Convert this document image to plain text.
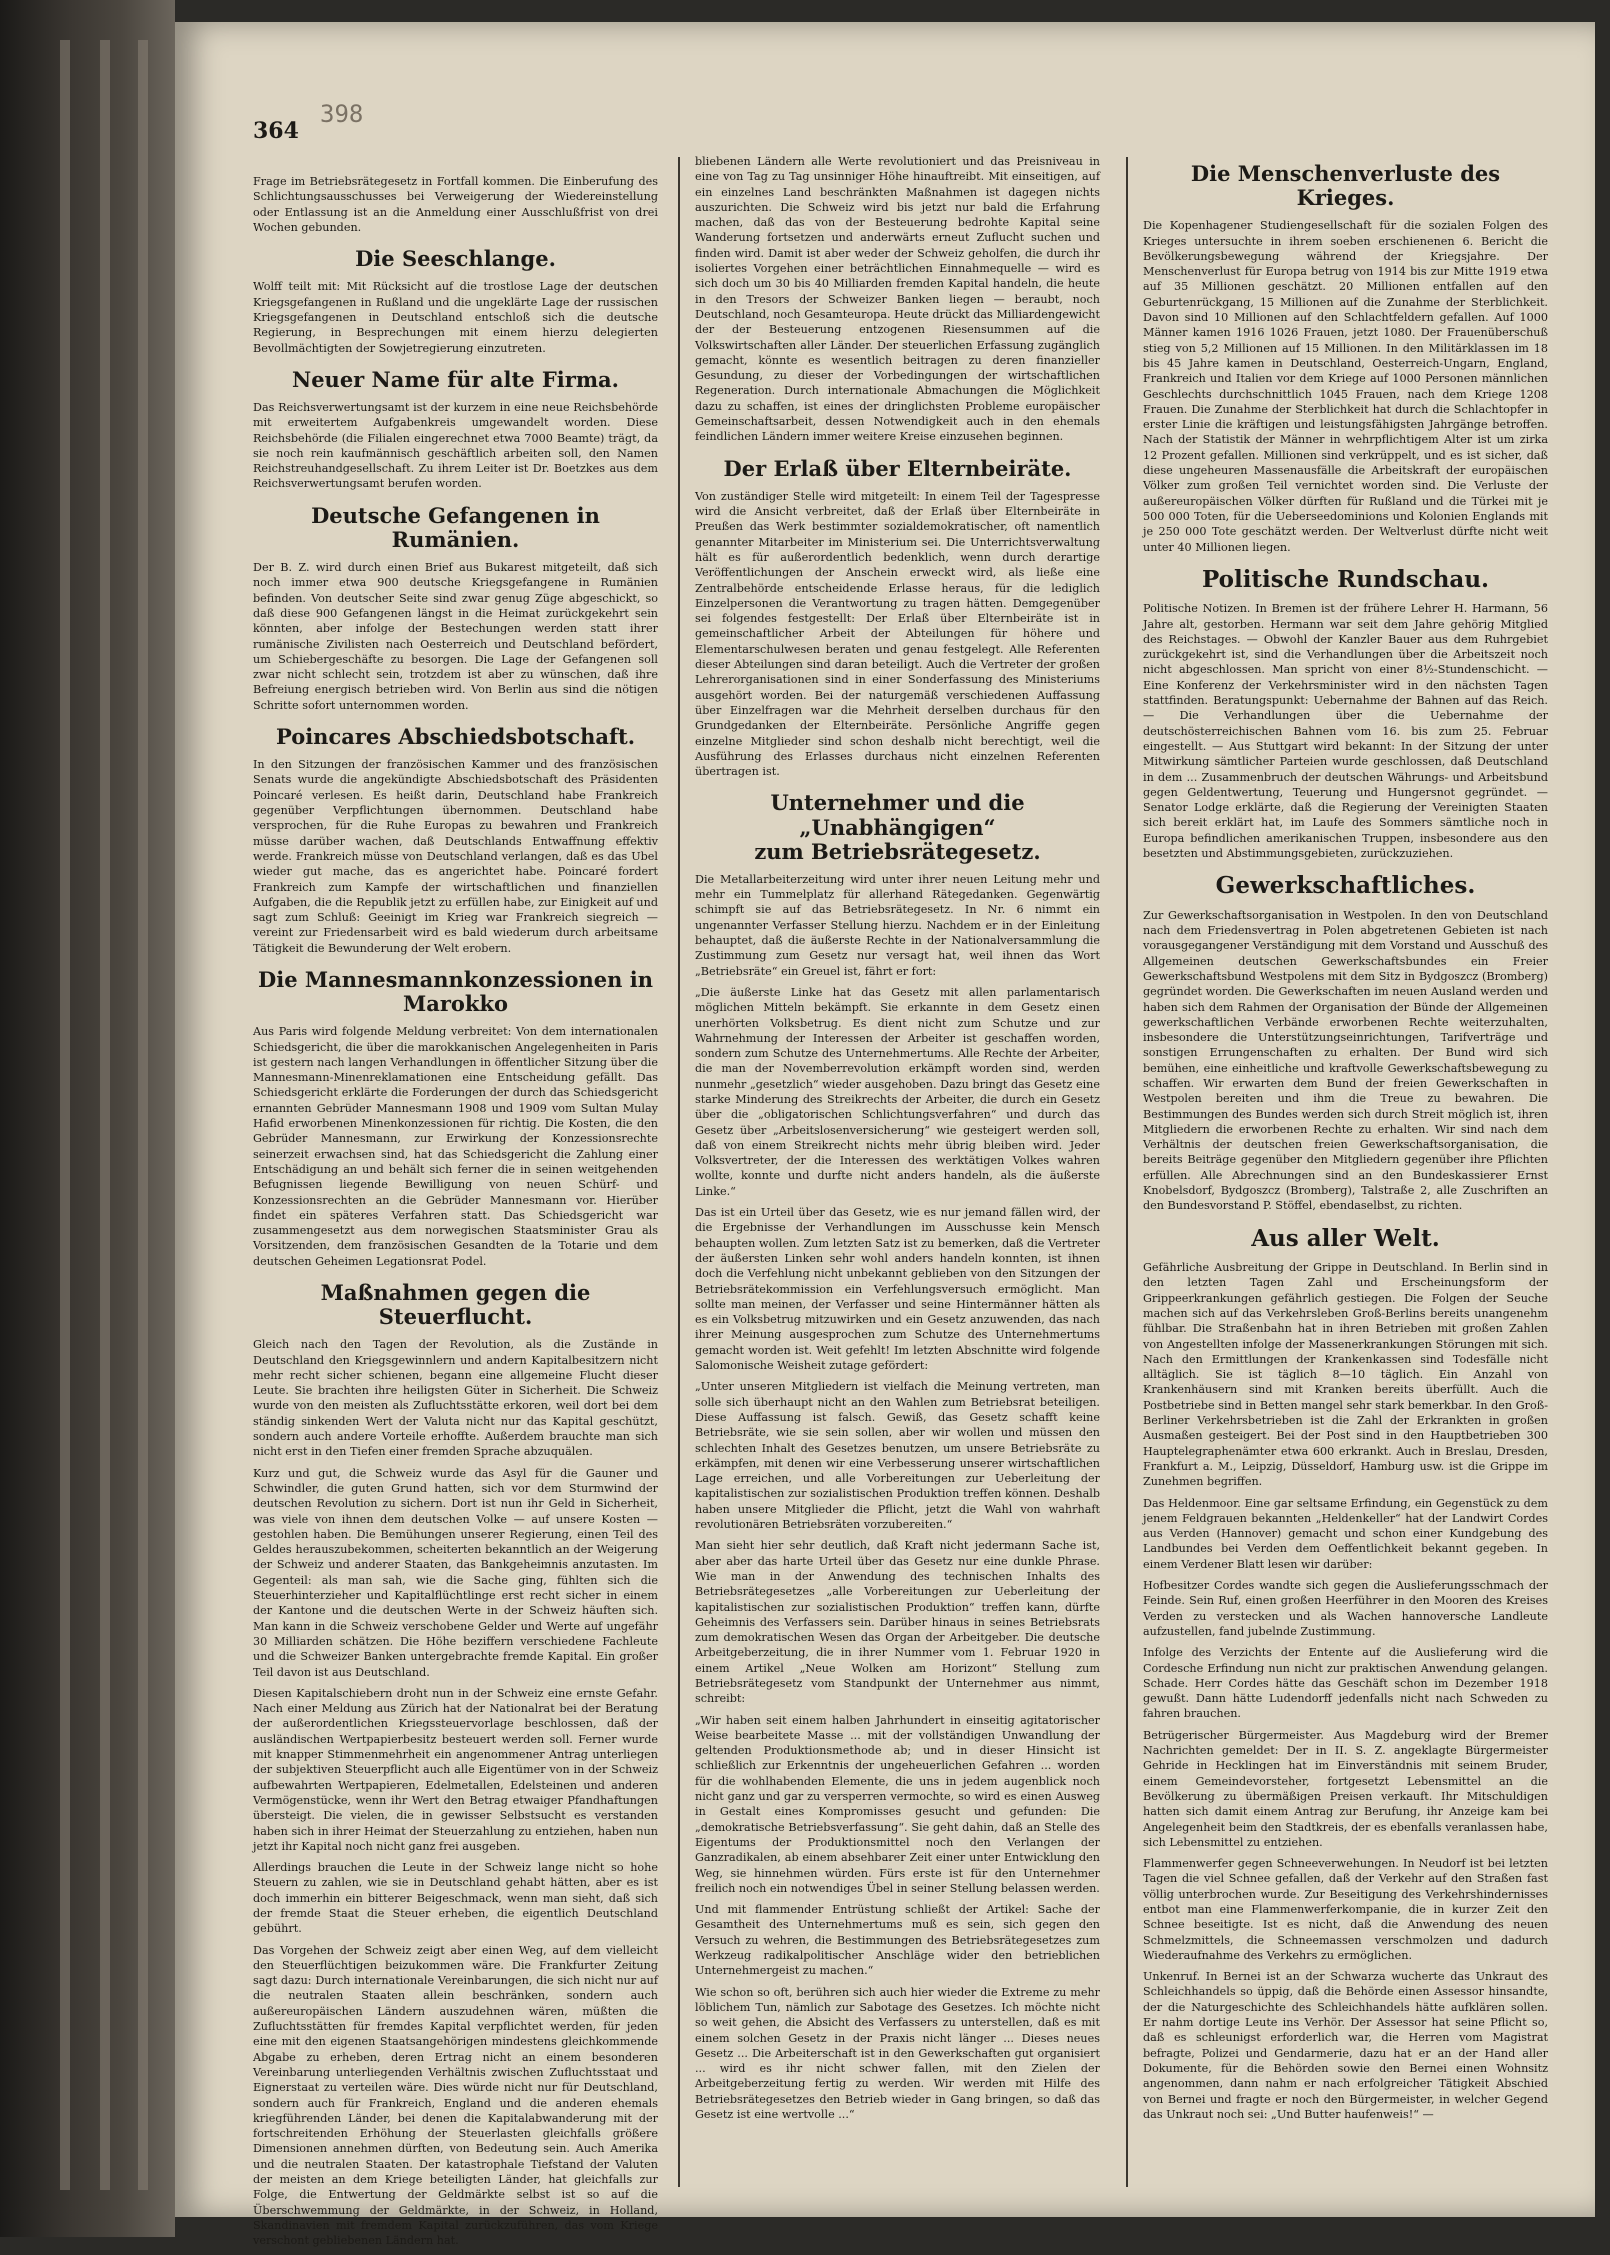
398
364

Frage im Betriebsrätegesetz in Fortfall kommen. Die Einberufung des Schlichtungsausschusses bei Verweigerung der Wiedereinstellung oder Entlassung ist an die Anmeldung einer Ausschlußfrist von drei Wochen gebunden.

Die Seeschlange.

Wolff teilt mit: Mit Rücksicht auf die trostlose Lage der deutschen Kriegsgefangenen in Rußland und die ungeklärte Lage der russischen Kriegsgefangenen in Deutschland entschloß sich die deutsche Regierung, in Besprechungen mit einem hierzu delegierten Bevollmächtigten der Sowjetregierung einzutreten.

Neuer Name für alte Firma.

Das Reichsverwertungsamt ist der kurzem in eine neue Reichsbehörde mit erweitertem Aufgabenkreis umgewandelt worden. Diese Reichsbehörde (die Filialen eingerechnet etwa 7000 Beamte) trägt, da sie noch rein kaufmännisch geschäftlich arbeiten soll, den Namen Reichstreuhandgesellschaft. Zu ihrem Leiter ist Dr. Boetzkes aus dem Reichsverwertungsamt berufen worden.

Deutsche Gefangenen in Rumänien.

Der B. Z. wird durch einen Brief aus Bukarest mitgeteilt, daß sich noch immer etwa 900 deutsche Kriegsgefangene in Rumänien befinden. Von deutscher Seite sind zwar genug Züge abgeschickt, so daß diese 900 Gefangenen längst in die Heimat zurückgekehrt sein könnten, aber infolge der Bestechungen werden statt ihrer rumänische Zivilisten nach Oesterreich und Deutschland befördert, um Schiebergeschäfte zu besorgen. Die Lage der Gefangenen soll zwar nicht schlecht sein, trotzdem ist aber zu wünschen, daß ihre Befreiung energisch betrieben wird. Von Berlin aus sind die nötigen Schritte sofort unternommen worden.

Poincares Abschiedsbotschaft.

In den Sitzungen der französischen Kammer und des französischen Senats wurde die angekündigte Abschiedsbotschaft des Präsidenten Poincaré verlesen. Es heißt darin, Deutschland habe Frankreich gegenüber Verpflichtungen übernommen. Deutschland habe versprochen, für die Ruhe Europas zu bewahren und Frankreich müsse darüber wachen, daß Deutschlands Entwaffnung effektiv werde. Frankreich müsse von Deutschland verlangen, daß es das Ubel wieder gut mache, das es angerichtet habe. Poincaré fordert Frankreich zum Kampfe der wirtschaftlichen und finanziellen Aufgaben, die die Republik jetzt zu erfüllen habe, zur Einigkeit auf und sagt zum Schluß: Geeinigt im Krieg war Frankreich siegreich — vereint zur Friedensarbeit wird es bald wiederum durch arbeitsame Tätigkeit die Bewunderung der Welt erobern.

Die Mannesmannkonzessionen in Marokko

Aus Paris wird folgende Meldung verbreitet: Von dem internationalen Schiedsgericht, die über die marokkanischen Angelegenheiten in Paris ist gestern nach langen Verhandlungen in öffentlicher Sitzung über die Mannesmann-Minenreklamationen eine Entscheidung gefällt. Das Schiedsgericht erklärte die Forderungen der durch das Schiedsgericht ernannten Gebrüder Mannesmann 1908 und 1909 vom Sultan Mulay Hafid erworbenen Minenkonzessionen für richtig. Die Kosten, die den Gebrüder Mannesmann, zur Erwirkung der Konzessionsrechte seinerzeit erwachsen sind, hat das Schiedsgericht die Zahlung einer Entschädigung an und behält sich ferner die in seinen weitgehenden Befugnissen liegende Bewilligung von neuen Schürf- und Konzessionsrechten an die Gebrüder Mannesmann vor. Hierüber findet ein späteres Verfahren statt. Das Schiedsgericht war zusammengesetzt aus dem norwegischen Staatsminister Grau als Vorsitzenden, dem französischen Gesandten de la Totarie und dem deutschen Geheimen Legationsrat Podel.

Maßnahmen gegen die Steuerflucht.

Gleich nach den Tagen der Revolution, als die Zustände in Deutschland den Kriegsgewinnlern und andern Kapitalbesitzern nicht mehr recht sicher schienen, begann eine allgemeine Flucht dieser Leute. Sie brachten ihre heiligsten Güter in Sicherheit. Die Schweiz wurde von den meisten als Zufluchtsstätte erkoren, weil dort bei dem ständig sinkenden Wert der Valuta nicht nur das Kapital geschützt, sondern auch andere Vorteile erhoffte. Außerdem brauchte man sich nicht erst in den Tiefen einer fremden Sprache abzuquälen.

Kurz und gut, die Schweiz wurde das Asyl für die Gauner und Schwindler, die guten Grund hatten, sich vor dem Sturmwind der deutschen Revolution zu sichern. Dort ist nun ihr Geld in Sicherheit, was viele von ihnen dem deutschen Volke — auf unsere Kosten — gestohlen haben. Die Bemühungen unserer Regierung, einen Teil des Geldes herauszubekommen, scheiterten bekanntlich an der Weigerung der Schweiz und anderer Staaten, das Bankgeheimnis anzutasten. Im Gegenteil: als man sah, wie die Sache ging, fühlten sich die Steuerhinterzieher und Kapitalflüchtlinge erst recht sicher in einem der Kantone und die deutschen Werte in der Schweiz häuften sich. Man kann in die Schweiz verschobene Gelder und Werte auf ungefähr 30 Milliarden schätzen. Die Höhe beziffern verschiedene Fachleute und die Schweizer Banken untergebrachte fremde Kapital. Ein großer Teil davon ist aus Deutschland.

Diesen Kapitalschiebern droht nun in der Schweiz eine ernste Gefahr. Nach einer Meldung aus Zürich hat der Nationalrat bei der Beratung der außerordentlichen Kriegssteuervorlage beschlossen, daß der ausländischen Wertpapierbesitz besteuert werden soll. Ferner wurde mit knapper Stimmenmehrheit ein angenommener Antrag unterliegen der subjektiven Steuerpflicht auch alle Eigentümer von in der Schweiz aufbewahrten Wertpapieren, Edelmetallen, Edelsteinen und anderen Vermögenstücke, wenn ihr Wert den Betrag etwaiger Pfandhaftungen übersteigt. Die vielen, die in gewisser Selbstsucht es verstanden haben sich in ihrer Heimat der Steuerzahlung zu entziehen, haben nun jetzt ihr Kapital noch nicht ganz frei ausgeben.

Allerdings brauchen die Leute in der Schweiz lange nicht so hohe Steuern zu zahlen, wie sie in Deutschland gehabt hätten, aber es ist doch immerhin ein bitterer Beigeschmack, wenn man sieht, daß sich der fremde Staat die Steuer erheben, die eigentlich Deutschland gebührt.

Das Vorgehen der Schweiz zeigt aber einen Weg, auf dem vielleicht den Steuerflüchtigen beizukommen wäre. Die Frankfurter Zeitung sagt dazu: Durch internationale Vereinbarungen, die sich nicht nur auf die neutralen Staaten allein beschränken, sondern auch außereuropäischen Ländern auszudehnen wären, müßten die Zufluchtsstätten für fremdes Kapital verpflichtet werden, für jeden eine mit den eigenen Staatsangehörigen mindestens gleichkommende Abgabe zu erheben, deren Ertrag nicht an einem besonderen Vereinbarung unterliegenden Verhältnis zwischen Zufluchtsstaat und Eignerstaat zu verteilen wäre. Dies würde nicht nur für Deutschland, sondern auch für Frankreich, England und die anderen ehemals kriegführenden Länder, bei denen die Kapitalabwanderung mit der fortschreitenden Erhöhung der Steuerlasten gleichfalls größere Dimensionen annehmen dürften, von Bedeutung sein. Auch Amerika und die neutralen Staaten. Der katastrophale Tiefstand der Valuten der meisten an dem Kriege beteiligten Länder, hat gleichfalls zur Folge, die Entwertung der Geldmärkte selbst ist so auf die Überschwemmung der Geldmärkte, in der Schweiz, in Holland, Skandinavien mit fremdem Kapital zurückzuführen, das vom Kriege verschont gebliebenen Ländern hat.

bliebenen Ländern alle Werte revolutioniert und das Preisniveau in eine von Tag zu Tag unsinniger Höhe hinauftreibt. Mit einseitigen, auf ein einzelnes Land beschränkten Maßnahmen ist dagegen nichts auszurichten. Die Schweiz wird bis jetzt nur bald die Erfahrung machen, daß das von der Besteuerung bedrohte Kapital seine Wanderung fortsetzen und anderwärts erneut Zuflucht suchen und finden wird. Damit ist aber weder der Schweiz geholfen, die durch ihr isoliertes Vorgehen einer beträchtlichen Einnahmequelle — wird es sich doch um 30 bis 40 Milliarden fremden Kapital handeln, die heute in den Tresors der Schweizer Banken liegen — beraubt, noch Deutschland, noch Gesamteuropa. Heute drückt das Milliardengewicht der der Besteuerung entzogenen Riesensummen auf die Volkswirtschaften aller Länder. Der steuerlichen Erfassung zugänglich gemacht, könnte es wesentlich beitragen zu deren finanzieller Gesundung, zu dieser der Vorbedingungen der wirtschaftlichen Regeneration. Durch internationale Abmachungen die Möglichkeit dazu zu schaffen, ist eines der dringlichsten Probleme europäischer Gemeinschaftsarbeit, dessen Notwendigkeit auch in den ehemals feindlichen Ländern immer weitere Kreise einzusehen beginnen.

Der Erlaß über Elternbeiräte.

Von zuständiger Stelle wird mitgeteilt: In einem Teil der Tagespresse wird die Ansicht verbreitet, daß der Erlaß über Elternbeiräte in Preußen das Werk bestimmter sozialdemokratischer, oft namentlich genannter Mitarbeiter im Ministerium sei. Die Unterrichtsverwaltung hält es für außerordentlich bedenklich, wenn durch derartige Veröffentlichungen der Anschein erweckt wird, als ließe eine Zentralbehörde entscheidende Erlasse heraus, für die lediglich Einzelpersonen die Verantwortung zu tragen hätten. Demgegenüber sei folgendes festgestellt: Der Erlaß über Elternbeiräte ist in gemeinschaftlicher Arbeit der Abteilungen für höhere und Elementarschulwesen beraten und genau festgelegt. Alle Referenten dieser Abteilungen sind daran beteiligt. Auch die Vertreter der großen Lehrerorganisationen sind in einer Sonderfassung des Ministeriums ausgehört worden. Bei der naturgemäß verschiedenen Auffassung über Einzelfragen war die Mehrheit derselben durchaus für den Grundgedanken der Elternbeiräte. Persönliche Angriffe gegen einzelne Mitglieder sind schon deshalb nicht berechtigt, weil die Ausführung des Erlasses durchaus nicht einzelnen Referenten übertragen ist.

Unternehmer und die „Unabhängigen“
zum Betriebsrätegesetz.

Die Metallarbeiterzeitung wird unter ihrer neuen Leitung mehr und mehr ein Tummelplatz für allerhand Rätegedanken. Gegenwärtig schimpft sie auf das Betriebsrätegesetz. In Nr. 6 nimmt ein ungenannter Verfasser Stellung hierzu. Nachdem er in der Einleitung behauptet, daß die äußerste Rechte in der Nationalversammlung die Zustimmung zum Gesetz nur versagt hat, weil ihnen das Wort „Betriebsräte“ ein Greuel ist, fährt er fort:

„Die äußerste Linke hat das Gesetz mit allen parlamentarisch möglichen Mitteln bekämpft. Sie erkannte in dem Gesetz einen unerhörten Volksbetrug. Es dient nicht zum Schutze und zur Wahrnehmung der Interessen der Arbeiter ist geschaffen worden, sondern zum Schutze des Unternehmertums. Alle Rechte der Arbeiter, die man der Novemberrevolution erkämpft worden sind, werden nunmehr „gesetzlich“ wieder ausgehoben. Dazu bringt das Gesetz eine starke Minderung des Streikrechts der Arbeiter, die durch ein Gesetz über die „obligatorischen Schlichtungsverfahren“ und durch das Gesetz über „Arbeitslosenversicherung“ wie gesteigert werden soll, daß von einem Streikrecht nichts mehr übrig bleiben wird. Jeder Volksvertreter, der die Interessen des werktätigen Volkes wahren wollte, konnte und durfte nicht anders handeln, als die äußerste Linke.“

Das ist ein Urteil über das Gesetz, wie es nur jemand fällen wird, der die Ergebnisse der Verhandlungen im Ausschusse kein Mensch behaupten wollen. Zum letzten Satz ist zu bemerken, daß die Vertreter der äußersten Linken sehr wohl anders handeln konnten, ist ihnen doch die Verfehlung nicht unbekannt geblieben von den Sitzungen der Betriebsrätekommission ein Verfehlungsversuch ermöglicht. Man sollte man meinen, der Verfasser und seine Hintermänner hätten als es ein Volksbetrug mitzuwirken und ein Gesetz anzuwenden, das nach ihrer Meinung ausgesprochen zum Schutze des Unternehmertums gemacht worden ist. Weit gefehlt! Im letzten Abschnitte wird folgende Salomonische Weisheit zutage gefördert:

„Unter unseren Mitgliedern ist vielfach die Meinung vertreten, man solle sich überhaupt nicht an den Wahlen zum Betriebsrat beteiligen. Diese Auffassung ist falsch. Gewiß, das Gesetz schafft keine Betriebsräte, wie sie sein sollen, aber wir wollen und müssen den schlechten Inhalt des Gesetzes benutzen, um unsere Betriebsräte zu erkämpfen, mit denen wir eine Verbesserung unserer wirtschaftlichen Lage erreichen, und alle Vorbereitungen zur Ueberleitung der kapitalistischen zur sozialistischen Produktion treffen können. Deshalb haben unsere Mitglieder die Pflicht, jetzt die Wahl von wahrhaft revolutionären Betriebsräten vorzubereiten.“

Man sieht hier sehr deutlich, daß Kraft nicht jedermann Sache ist, aber aber das harte Urteil über das Gesetz nur eine dunkle Phrase. Wie man in der Anwendung des technischen Inhalts des Betriebsrätegesetzes „alle Vorbereitungen zur Ueberleitung der kapitalistischen zur sozialistischen Produktion“ treffen kann, dürfte Geheimnis des Verfassers sein. Darüber hinaus in seines Betriebsrats zum demokratischen Wesen das Organ der Arbeitgeber. Die deutsche Arbeitgeberzeitung, die in ihrer Nummer vom 1. Februar 1920 in einem Artikel „Neue Wolken am Horizont“ Stellung zum Betriebsrätegesetz vom Standpunkt der Unternehmer aus nimmt, schreibt:

„Wir haben seit einem halben Jahrhundert in einseitig agitatorischer Weise bearbeitete Masse ... mit der vollständigen Unwandlung der geltenden Produktionsmethode ab; und in dieser Hinsicht ist schließlich zur Erkenntnis der ungeheuerlichen Gefahren ... worden für die wohlhabenden Elemente, die uns in jedem augenblick noch nicht ganz und gar zu versperren vermochte, so wird es einen Ausweg in Gestalt eines Kompromisses gesucht und gefunden: Die „demokratische Betriebsverfassung“. Sie geht dahin, daß an Stelle des Eigentums der Produktionsmittel noch den Verlangen der Ganzradikalen, ab einem absehbarer Zeit einer unter Entwicklung den Weg, sie hinnehmen würden. Fürs erste ist für den Unternehmer freilich noch ein notwendiges Übel in seiner Stellung belassen werden.

Und mit flammender Entrüstung schließt der Artikel: Sache der Gesamtheit des Unternehmertums muß es sein, sich gegen den Versuch zu wehren, die Bestimmungen des Betriebsrätegesetzes zum Werkzeug radikalpolitischer Anschläge wider den betrieblichen Unternehmergeist zu machen.“

Wie schon so oft, berühren sich auch hier wieder die Extreme zu mehr löblichem Tun, nämlich zur Sabotage des Gesetzes. Ich möchte nicht so weit gehen, die Absicht des Verfassers zu unterstellen, daß es mit einem solchen Gesetz in der Praxis nicht länger ... Dieses neues Gesetz ... Die Arbeiterschaft ist in den Gewerkschaften gut organisiert ... wird es ihr nicht schwer fallen, mit den Zielen der Arbeitgeberzeitung fertig zu werden. Wir werden mit Hilfe des Betriebsrätegesetzes den Betrieb wieder in Gang bringen, so daß das Gesetz ist eine wertvolle ...“

Die Menschenverluste des Krieges.

Die Kopenhagener Studiengesellschaft für die sozialen Folgen des Krieges untersuchte in ihrem soeben erschienenen 6. Bericht die Bevölkerungsbewegung während der Kriegsjahre. Der Menschenverlust für Europa betrug von 1914 bis zur Mitte 1919 etwa auf 35 Millionen geschätzt. 20 Millionen entfallen auf den Geburtenrückgang, 15 Millionen auf die Zunahme der Sterblichkeit. Davon sind 10 Millionen auf den Schlachtfeldern gefallen. Auf 1000 Männer kamen 1916 1026 Frauen, jetzt 1080. Der Frauenüberschuß stieg von 5,2 Millionen auf 15 Millionen. In den Militärklassen im 18 bis 45 Jahre kamen in Deutschland, Oesterreich-Ungarn, England, Frankreich und Italien vor dem Kriege auf 1000 Personen männlichen Geschlechts durchschnittlich 1045 Frauen, nach dem Kriege 1208 Frauen. Die Zunahme der Sterblichkeit hat durch die Schlachtopfer in erster Linie die kräftigen und leistungsfähigsten Jahrgänge betroffen. Nach der Statistik der Männer in wehrpflichtigem Alter ist um zirka 12 Prozent gefallen. Millionen sind verkrüppelt, und es ist sicher, daß diese ungeheuren Massenausfälle die Arbeitskraft der europäischen Völker zum großen Teil vernichtet worden sind. Die Verluste der außereuropäischen Völker dürften für Rußland und die Türkei mit je 500 000 Toten, für die Ueberseedominions und Kolonien Englands mit je 250 000 Tote geschätzt werden. Der Weltverlust dürfte nicht weit unter 40 Millionen liegen.

Politische Rundschau.

Politische Notizen. In Bremen ist der frühere Lehrer H. Harmann, 56 Jahre alt, gestorben. Hermann war seit dem Jahre gehörig Mitglied des Reichstages. — Obwohl der Kanzler Bauer aus dem Ruhrgebiet zurückgekehrt ist, sind die Verhandlungen über die Arbeitszeit noch nicht abgeschlossen. Man spricht von einer 8½-Stundenschicht. — Eine Konferenz der Verkehrsminister wird in den nächsten Tagen stattfinden. Beratungspunkt: Uebernahme der Bahnen auf das Reich. — Die Verhandlungen über die Uebernahme der deutschösterreichischen Bahnen vom 16. bis zum 25. Februar eingestellt. — Aus Stuttgart wird bekannt: In der Sitzung der unter Mitwirkung sämtlicher Parteien wurde geschlossen, daß Deutschland in dem ... Zusammenbruch der deutschen Währungs- und Arbeitsbund gegen Geldentwertung, Teuerung und Hungersnot gegründet. — Senator Lodge erklärte, daß die Regierung der Vereinigten Staaten sich bereit erklärt hat, im Laufe des Sommers sämtliche noch in Europa befindlichen amerikanischen Truppen, insbesondere aus den besetzten und Abstimmungsgebieten, zurückzuziehen.

Gewerkschaftliches.

Zur Gewerkschaftsorganisation in Westpolen. In den von Deutschland nach dem Friedensvertrag in Polen abgetretenen Gebieten ist nach vorausgegangener Verständigung mit dem Vorstand und Ausschuß des Allgemeinen deutschen Gewerkschaftsbundes ein Freier Gewerkschaftsbund Westpolens mit dem Sitz in Bydgoszcz (Bromberg) gegründet worden. Die Gewerkschaften im neuen Ausland werden und haben sich dem Rahmen der Organisation der Bünde der Allgemeinen gewerkschaftlichen Verbände erworbenen Rechte weiterzuhalten, insbesondere die Unterstützungseinrichtungen, Tarifverträge und sonstigen Errungenschaften zu erhalten. Der Bund wird sich bemühen, eine einheitliche und kraftvolle Gewerkschaftsbewegung zu schaffen. Wir erwarten dem Bund der freien Gewerkschaften in Westpolen bereiten und ihm die Treue zu bewahren. Die Bestimmungen des Bundes werden sich durch Streit möglich ist, ihren Mitgliedern die erworbenen Rechte zu erhalten. Wir sind nach dem Verhältnis der deutschen freien Gewerkschaftsorganisation, die bereits Beiträge gegenüber den Mitgliedern gegenüber ihre Pflichten erfüllen. Alle Abrechnungen sind an den Bundeskassierer Ernst Knobelsdorf, Bydgoszcz (Bromberg), Talstraße 2, alle Zuschriften an den Bundesvorstand P. Stöffel, ebendaselbst, zu richten.

Aus aller Welt.

Gefährliche Ausbreitung der Grippe in Deutschland. In Berlin sind in den letzten Tagen Zahl und Erscheinungsform der Grippeerkrankungen gefährlich gestiegen. Die Folgen der Seuche machen sich auf das Verkehrsleben Groß-Berlins bereits unangenehm fühlbar. Die Straßenbahn hat in ihren Betrieben mit großen Zahlen von Angestellten infolge der Massenerkrankungen Störungen mit sich. Nach den Ermittlungen der Krankenkassen sind Todesfälle nicht alltäglich. Sie ist täglich 8—10 täglich. Ein Anzahl von Krankenhäusern sind mit Kranken bereits überfüllt. Auch die Postbetriebe sind in Betten mangel sehr stark bemerkbar. In den Groß-Berliner Verkehrsbetrieben ist die Zahl der Erkrankten in großen Ausmaßen gesteigert. Bei der Post sind in den Hauptbetrieben 300 Hauptelegraphenämter etwa 600 erkrankt. Auch in Breslau, Dresden, Frankfurt a. M., Leipzig, Düsseldorf, Hamburg usw. ist die Grippe im Zunehmen begriffen.

Das Heldenmoor. Eine gar seltsame Erfindung, ein Gegenstück zu dem jenem Feldgrauen bekannten „Heldenkeller“ hat der Landwirt Cordes aus Verden (Hannover) gemacht und schon einer Kundgebung des Landbundes bei Verden dem Oeffentlichkeit bekannt gegeben. In einem Verdener Blatt lesen wir darüber:

Hofbesitzer Cordes wandte sich gegen die Auslieferungsschmach der Feinde. Sein Ruf, einen großen Heerführer in den Mooren des Kreises Verden zu verstecken und als Wachen hannoversche Landleute aufzustellen, fand jubelnde Zustimmung.

Infolge des Verzichts der Entente auf die Auslieferung wird die Cordesche Erfindung nun nicht zur praktischen Anwendung gelangen. Schade. Herr Cordes hätte das Geschäft schon im Dezember 1918 gewußt. Dann hätte Ludendorff jedenfalls nicht nach Schweden zu fahren brauchen.

Betrügerischer Bürgermeister. Aus Magdeburg wird der Bremer Nachrichten gemeldet: Der in II. S. Z. angeklagte Bürgermeister Gehride in Hecklingen hat im Einverständnis mit seinem Bruder, einem Gemeindevorsteher, fortgesetzt Lebensmittel an die Bevölkerung zu übermäßigen Preisen verkauft. Ihr Mitschuldigen hatten sich damit einem Antrag zur Berufung, ihr Anzeige kam bei Angelegenheit beim den Stadtkreis, der es ebenfalls veranlassen habe, sich Lebensmittel zu entziehen.

Flammenwerfer gegen Schneeverwehungen. In Neudorf ist bei letzten Tagen die viel Schnee gefallen, daß der Verkehr auf den Straßen fast völlig unterbrochen wurde. Zur Beseitigung des Verkehrshindernisses entbot man eine Flammenwerferkompanie, die in kurzer Zeit den Schnee beseitigte. Ist es nicht, daß die Anwendung des neuen Schmelzmittels, die Schneemassen verschmolzen und dadurch Wiederaufnahme des Verkehrs zu ermöglichen.

Unkenruf. In Bernei ist an der Schwarza wucherte das Unkraut des Schleichhandels so üppig, daß die Behörde einen Assessor hinsandte, der die Naturgeschichte des Schleichhandels hätte aufklären sollen. Er nahm dortige Leute ins Verhör. Der Assessor hat seine Pflicht so, daß es schleunigst erforderlich war, die Herren vom Magistrat befragte, Polizei und Gendarmerie, dazu hat er an der Hand aller Dokumente, für die Behörden sowie den Bernei einen Wohnsitz angenommen, dann nahm er nach erfolgreicher Tätigkeit Abschied von Bernei und fragte er noch den Bürgermeister, in welcher Gegend das Unkraut noch sei: „Und Butter haufenweis!“ —
